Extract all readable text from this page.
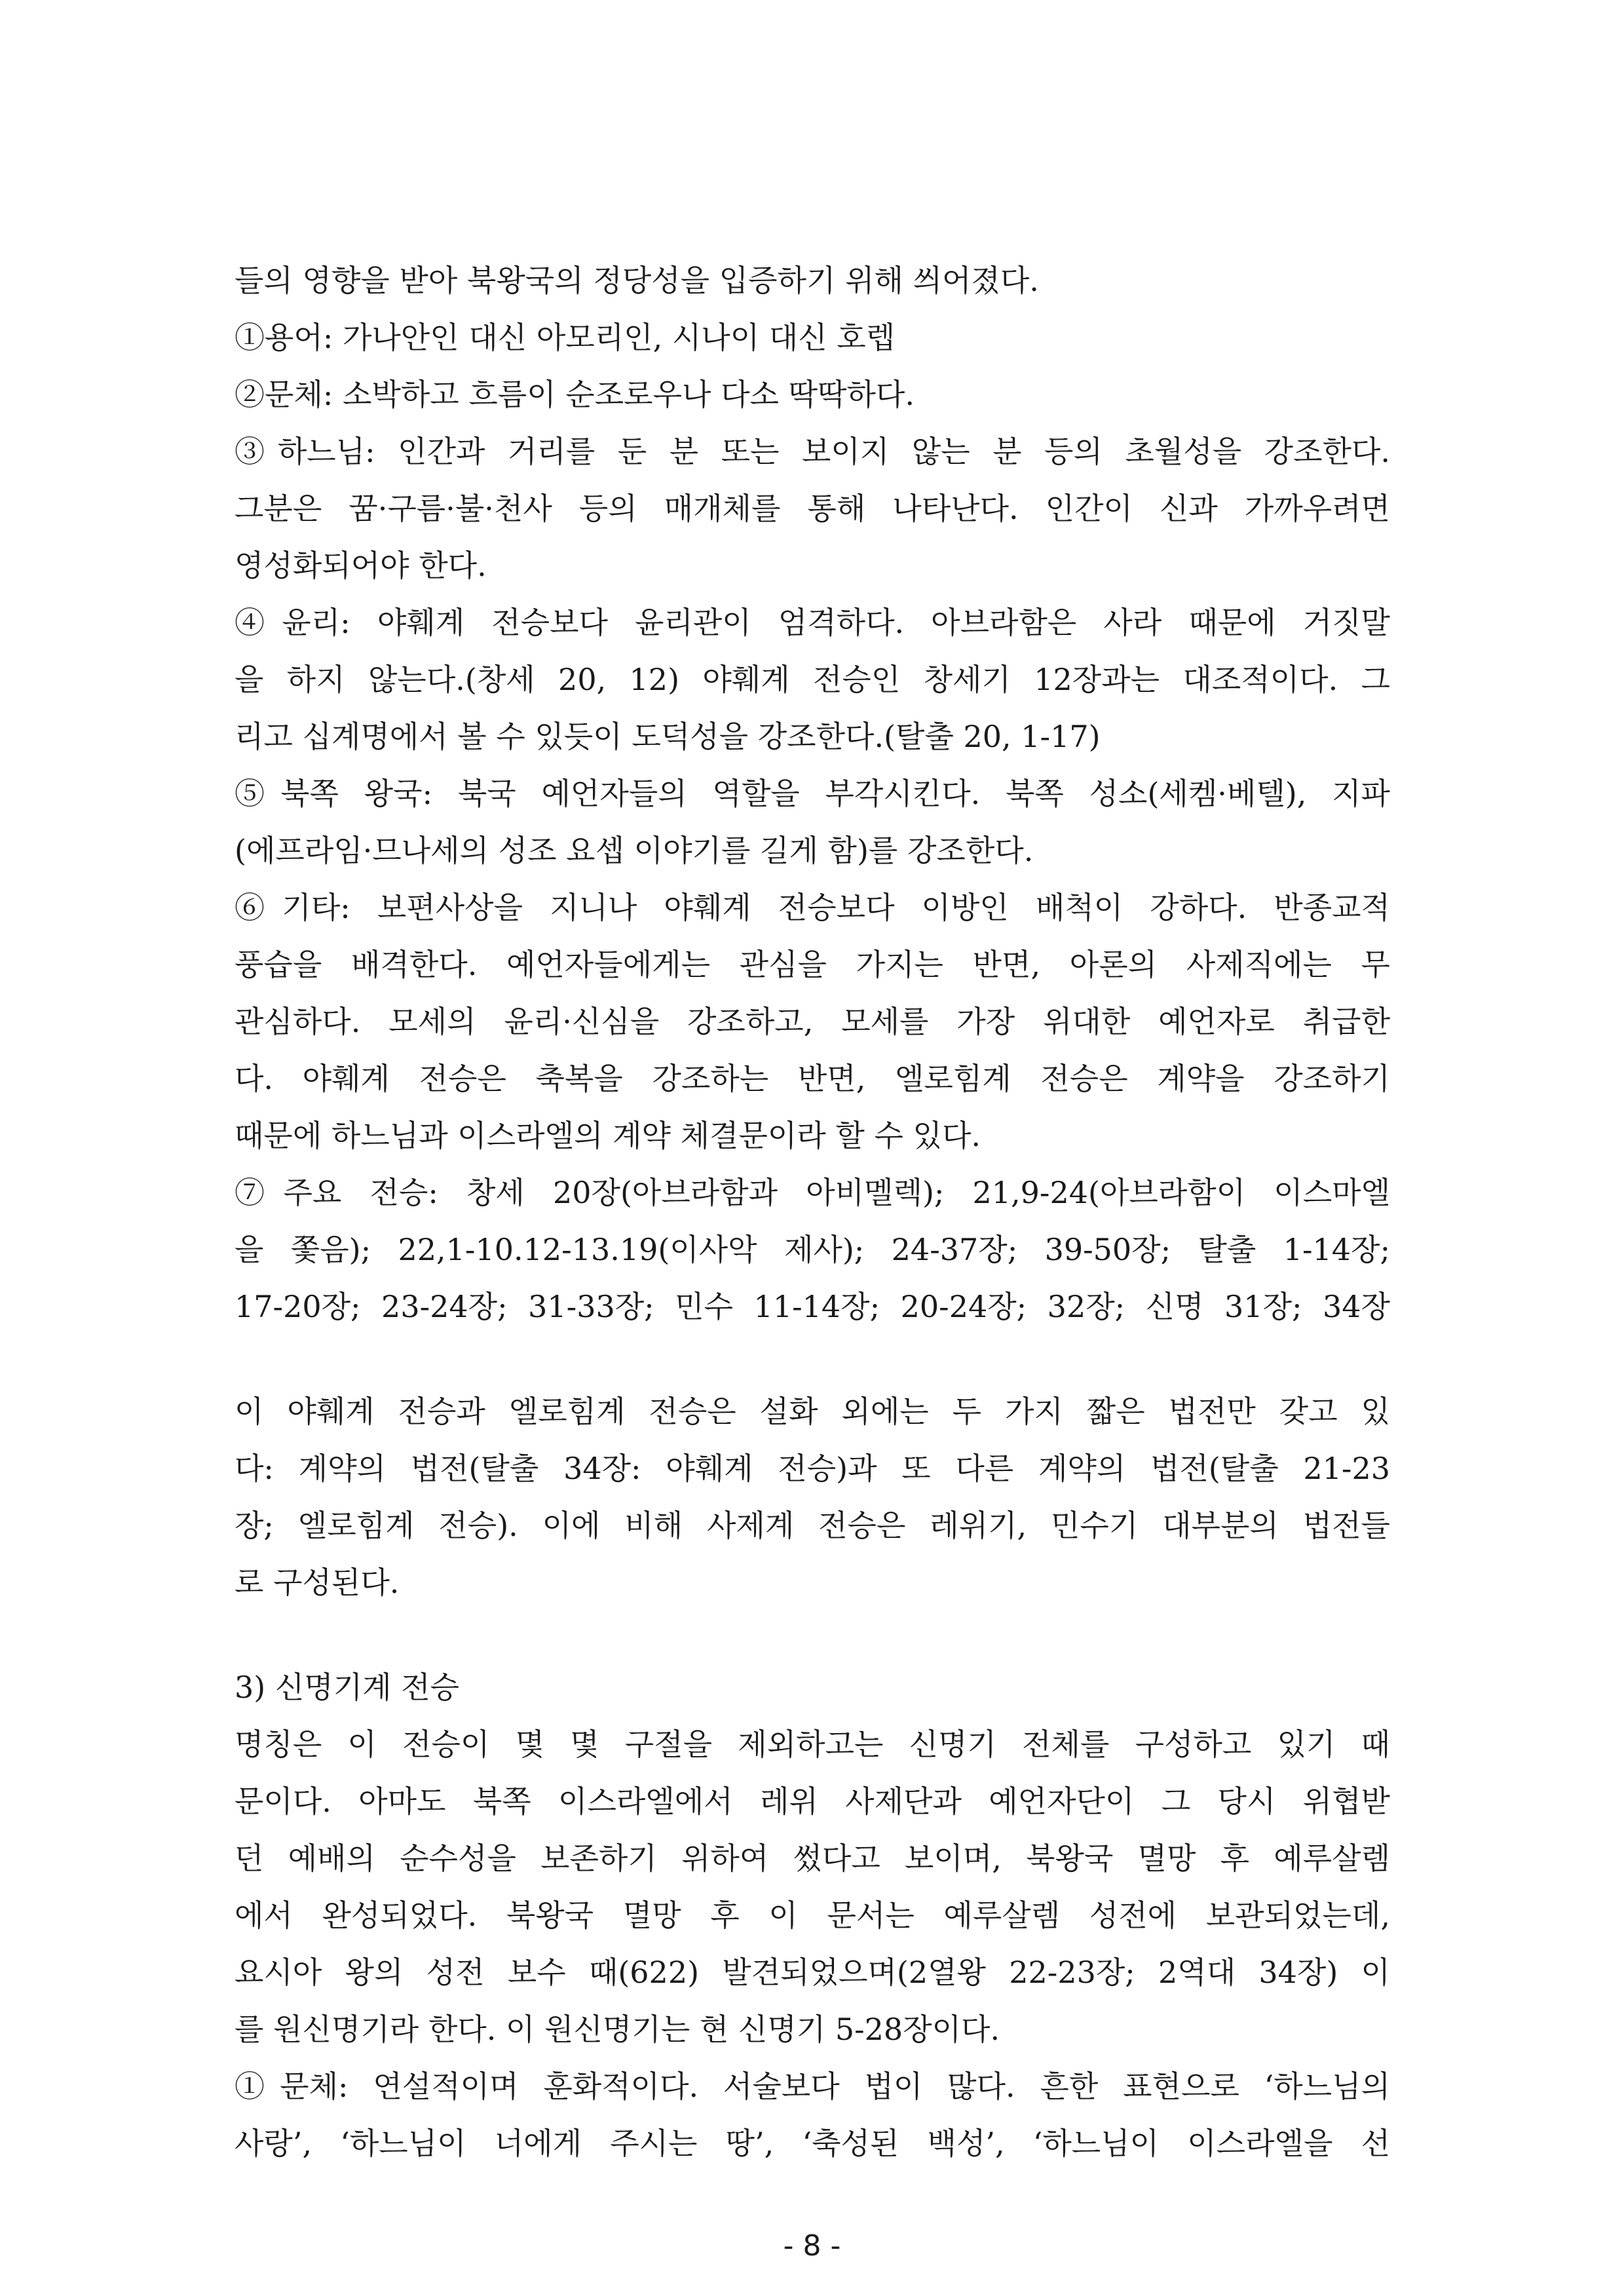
들의 영향을 받아 북왕국의 정당성을 입증하기 위해 씌어졌다.
①용어: 가나안인 대신 아모리인, 시나이 대신 호렙
②문체: 소박하고 흐름이 순조로우나 다소 딱딱하다.
③하느님: 인간과 거리를 둔 분 또는 보이지 않는 분 등의 초월성을 강조한다.
그분은 꿈·구름·불·천사 등의 매개체를 통해 나타난다. 인간이 신과 가까우려면
영성화되어야 한다.
④윤리: 야훼계 전승보다 윤리관이 엄격하다. 아브라함은 사라 때문에 거짓말
을 하지 않는다.(창세 20, 12) 야훼계 전승인 창세기 12장과는 대조적이다. 그
리고 십계명에서 볼 수 있듯이 도덕성을 강조한다.(탈출 20, 1-17)
⑤북쪽 왕국: 북국 예언자들의 역할을 부각시킨다. 북쪽 성소(세켐·베텔), 지파
(에프라임·므나세의 성조 요셉 이야기를 길게 함)를 강조한다.
⑥기타: 보편사상을 지니나 야훼계 전승보다 이방인 배척이 강하다. 반종교적
풍습을 배격한다. 예언자들에게는 관심을 가지는 반면, 아론의 사제직에는 무
관심하다. 모세의 윤리·신심을 강조하고, 모세를 가장 위대한 예언자로 취급한
다. 야훼계 전승은 축복을 강조하는 반면, 엘로힘계 전승은 계약을 강조하기
때문에 하느님과 이스라엘의 계약 체결문이라 할 수 있다.
⑦주요 전승: 창세 20장(아브라함과 아비멜렉); 21,9-24(아브라함이 이스마엘
을 쫓음); 22,1-10.12-13.19(이사악 제사); 24-37장; 39-50장; 탈출 1-14장;
17-20장; 23-24장; 31-33장; 민수 11-14장; 20-24장; 32장; 신명 31장; 34장
이 야훼계 전승과 엘로힘계 전승은 설화 외에는 두 가지 짧은 법전만 갖고 있
다: 계약의 법전(탈출 34장: 야훼계 전승)과 또 다른 계약의 법전(탈출 21-23
장; 엘로힘계 전승). 이에 비해 사제계 전승은 레위기, 민수기 대부분의 법전들
로 구성된다.
3) 신명기계 전승
명칭은 이 전승이 몇 몇 구절을 제외하고는 신명기 전체를 구성하고 있기 때
문이다. 아마도 북쪽 이스라엘에서 레위 사제단과 예언자단이 그 당시 위협받
던 예배의 순수성을 보존하기 위하여 썼다고 보이며, 북왕국 멸망 후 예루살렘
에서 완성되었다. 북왕국 멸망 후 이 문서는 예루살렘 성전에 보관되었는데,
요시아 왕의 성전 보수 때(622) 발견되었으며(2열왕 22-23장; 2역대 34장) 이
를 원신명기라 한다. 이 원신명기는 현 신명기 5-28장이다.
①문체: 연설적이며 훈화적이다. 서술보다 법이 많다. 흔한 표현으로 ‘하느님의
사랑’, ‘하느님이 너에게 주시는 땅’, ‘축성된 백성’, ‘하느님이 이스라엘을 선
- 8 -
